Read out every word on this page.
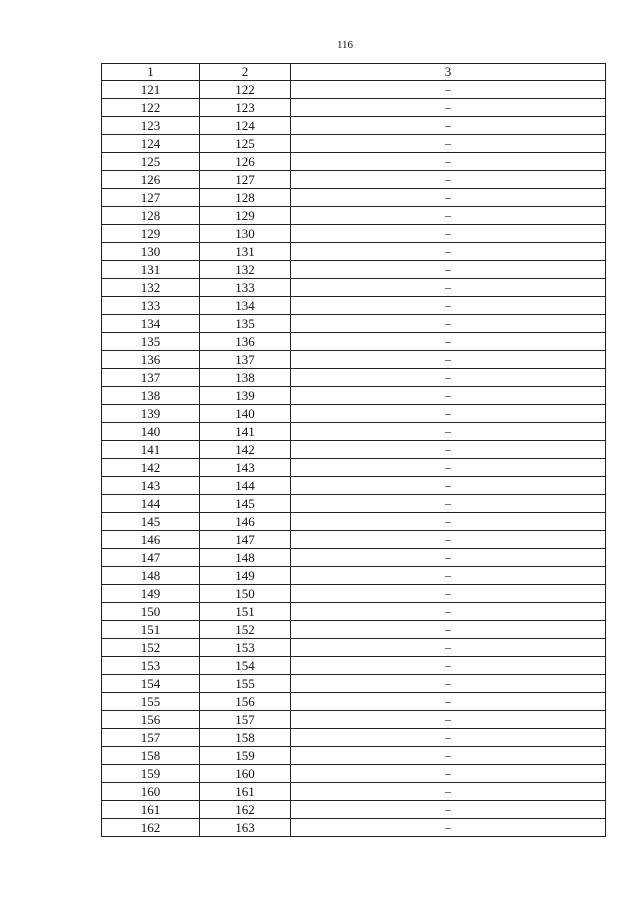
116
1	2	3
121	122	–
122	123	–
123	124	–
124	125	–
125	126	–
126	127	–
127	128	–
128	129	–
129	130	–
130	131	–
131	132	–
132	133	–
133	134	–
134	135	–
135	136	–
136	137	–
137	138	–
138	139	–
139	140	–
140	141	–
141	142	–
142	143	–
143	144	–
144	145	–
145	146	–
146	147	–
147	148	–
148	149	–
149	150	–
150	151	–
151	152	–
152	153	–
153	154	–
154	155	–
155	156	–
156	157	–
157	158	–
158	159	–
159	160	–
160	161	–
161	162	–
162	163	–
